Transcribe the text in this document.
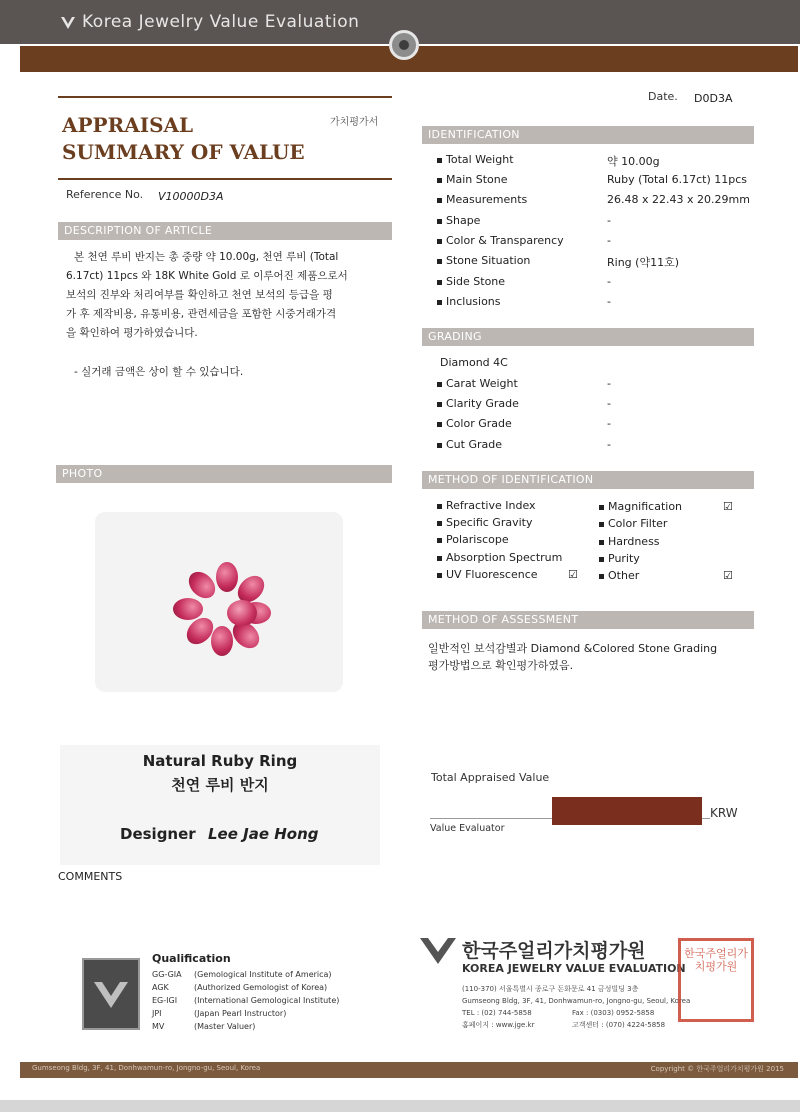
Korea Jewelry Value Evaluation
APPRAISAL
SUMMARY OF VALUE
가치평가서
Reference No. V10000D3A
DESCRIPTION OF ARTICLE
본 천연 루비 반지는 총 중량 약 10.00g, 천연 루비 (Total
6.17ct) 11pcs 와 18K White Gold 로 이루어진 제품으로서
보석의 진부와 처리여부를 확인하고 천연 보석의 등급을 평
가 후 제작비용, 유통비용, 관련세금을 포함한 시중거래가격
을 확인하여 평가하였습니다.
- 실거래 금액은 상이 할 수 있습니다.
PHOTO
Natural Ruby Ring
천연 루비 반지
Designer Lee Jae Hong
COMMENTS
Date. D0D3A
IDENTIFICATION
Total Weight	약 10.00g
Main Stone	Ruby (Total 6.17ct) 11pcs
Measurements	26.48 x 22.43 x 20.29mm
Shape	-
Color & Transparency	-
Stone Situation	Ring (약11호)
Side Stone	-
Inclusions	-
GRADING
Diamond 4C
Carat Weight	-
Clarity Grade	-
Color Grade	-
Cut Grade	-
METHOD OF IDENTIFICATION
Refractive Index
Specific Gravity
Polariscope
Absorption Spectrum
UV Fluorescence	☑
Magnification	☑
Color Filter
Hardness
Purity
Other	☑
METHOD OF ASSESSMENT
일반적인 보석감별과 Diamond &Colored Stone Grading
평가방법으로 확인평가하였음.
Total Appraised Value
KRW
Value Evaluator
Qualification
GG-GIA (Gemological Institute of America)
AGK	(Authorized Gemologist of Korea)
EG-IGI (International Gemological Institute)
JPI	(Japan Pearl Instructor)
MV	(Master Valuer)
한국주얼리가치평가원
KOREA JEWELRY VALUE EVALUATION
(110-370) 서울특별시 종로구 돈화문로 41 금성빌딩 3층
Gumseong Bldg, 3F, 41, Donhwamun-ro, Jongno-gu, Seoul, Korea
TEL : (02) 744-5858	Fax : (0303) 0952-5858
홈페이지 : www.jge.kr	고객센터 : (070) 4224-5858
한국주얼리가치평가원
Gumseong Bldg, 3F, 41, Donhwamun-ro, Jongno-gu, Seoul, Korea	Copyright © 한국주얼리가치평가원 2015
